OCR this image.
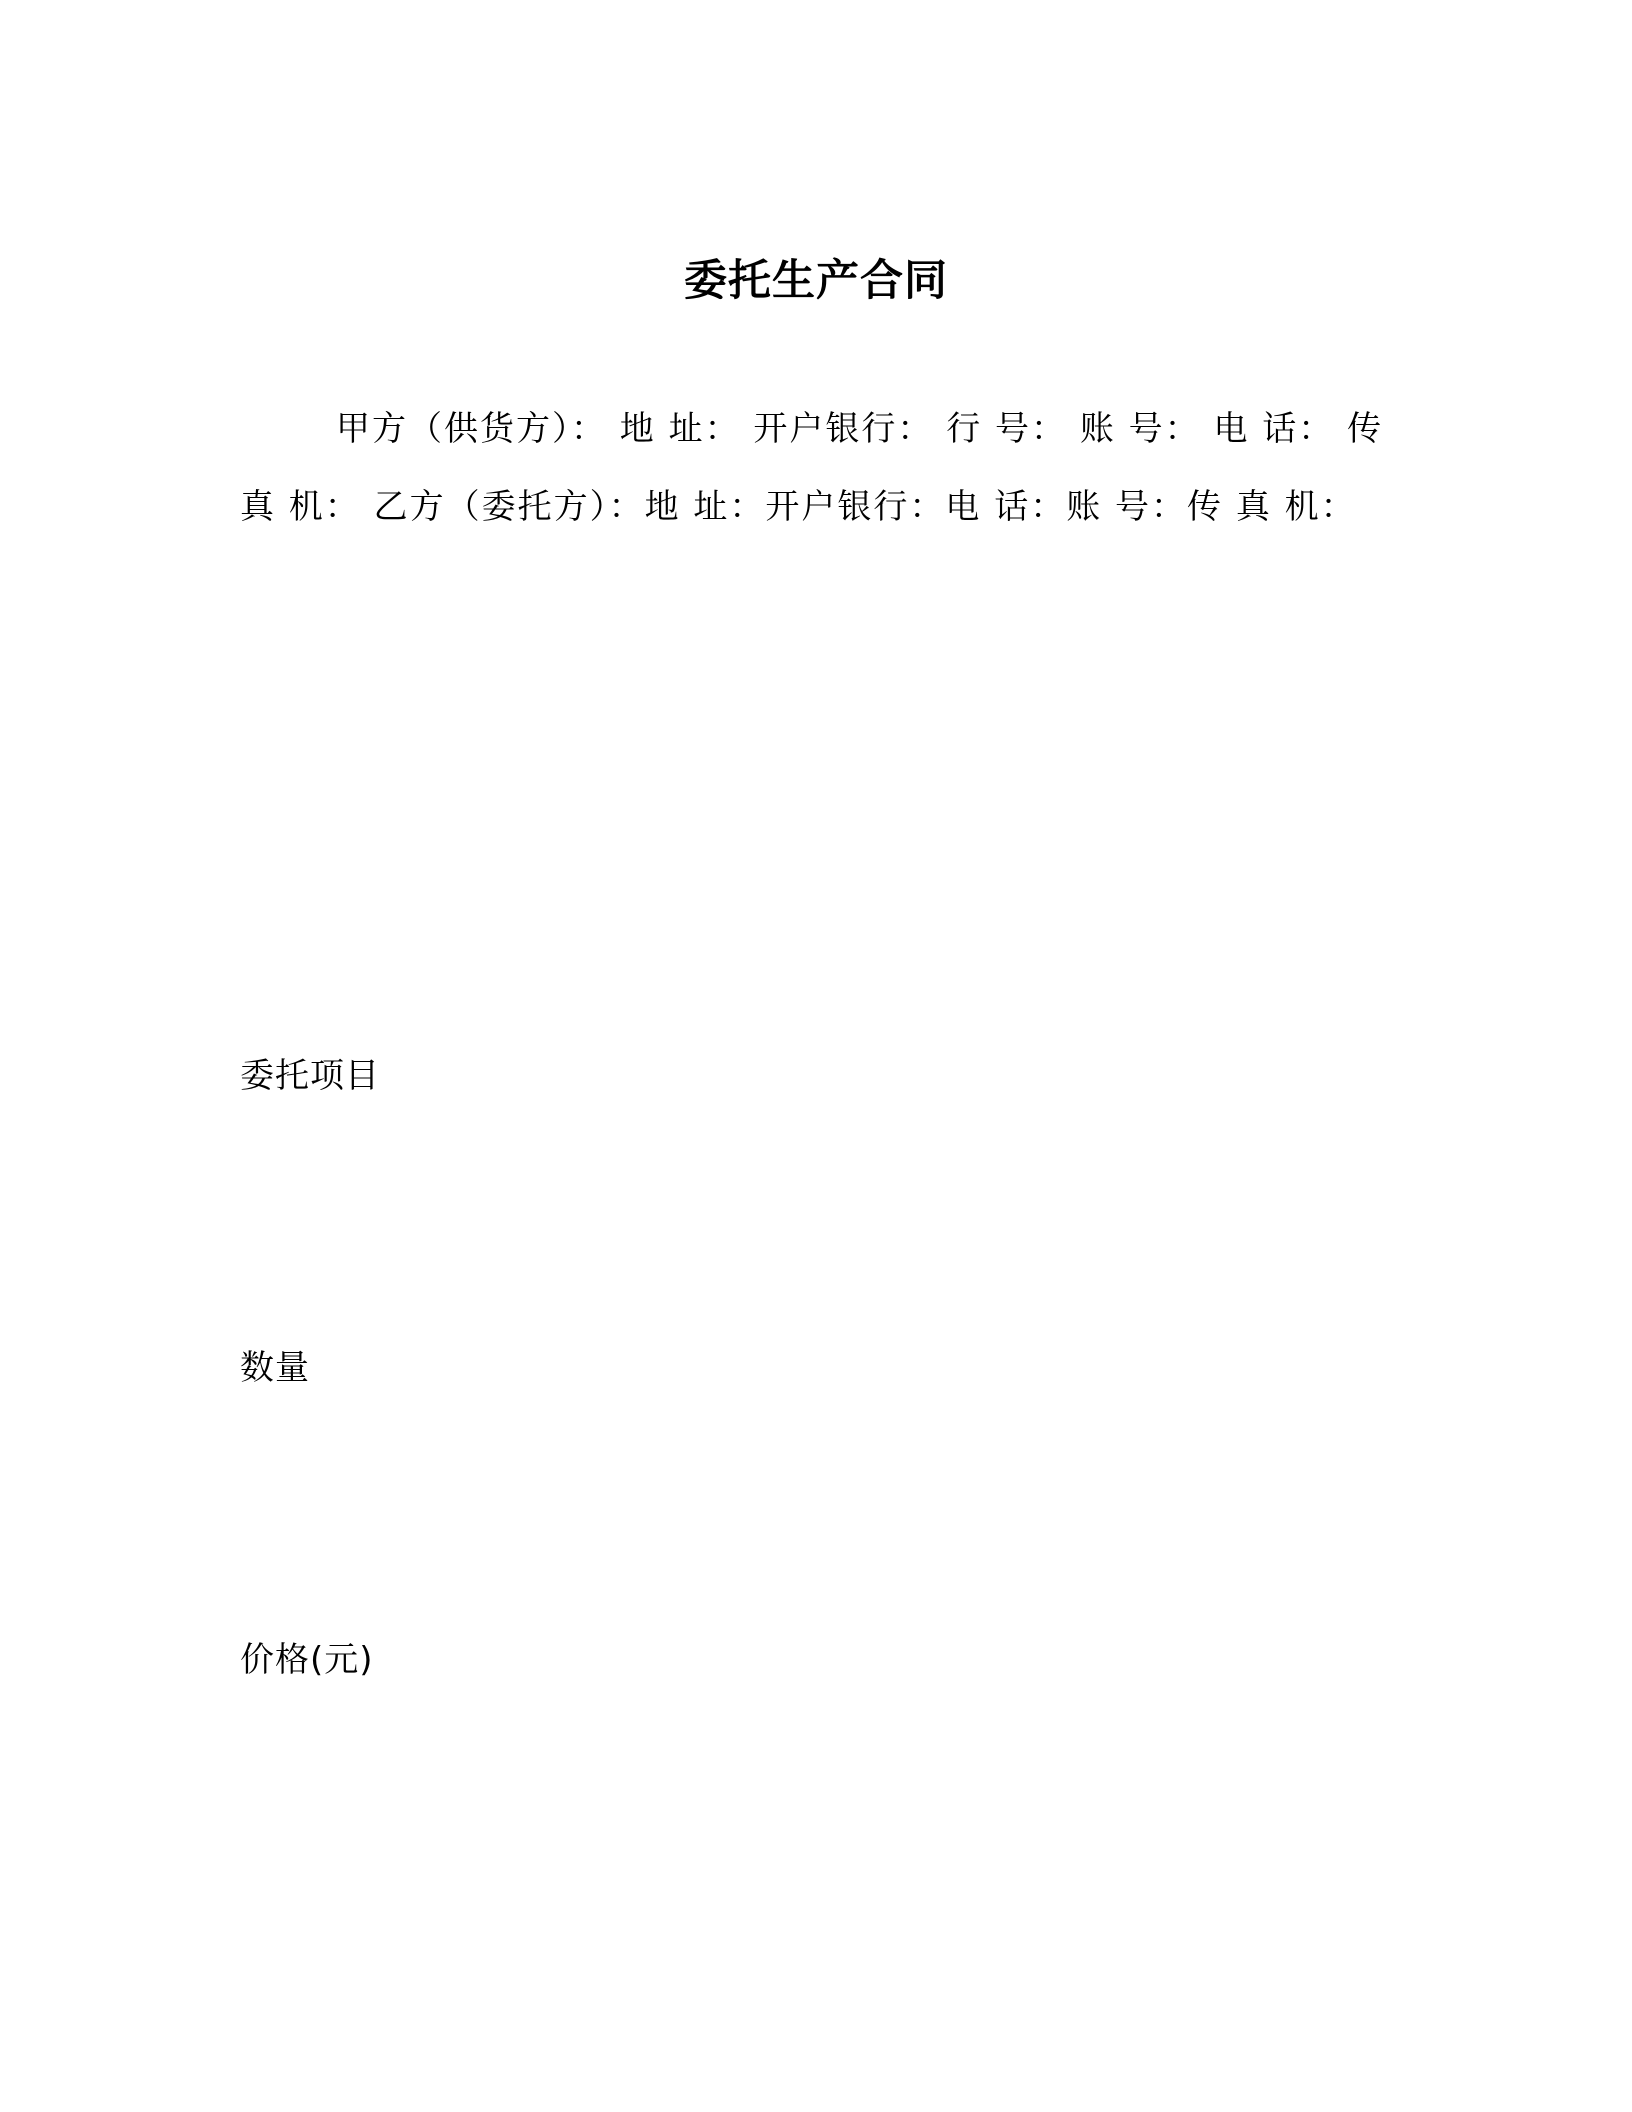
委托生产合同

甲方（供货方）： 地 址： 开户银行： 行 号： 账 号： 电 话： 传 真 机： 乙方（委托方）：地 址：开户银行：电 话：账 号：传 真 机：

委托项目

数量

价格(元)
